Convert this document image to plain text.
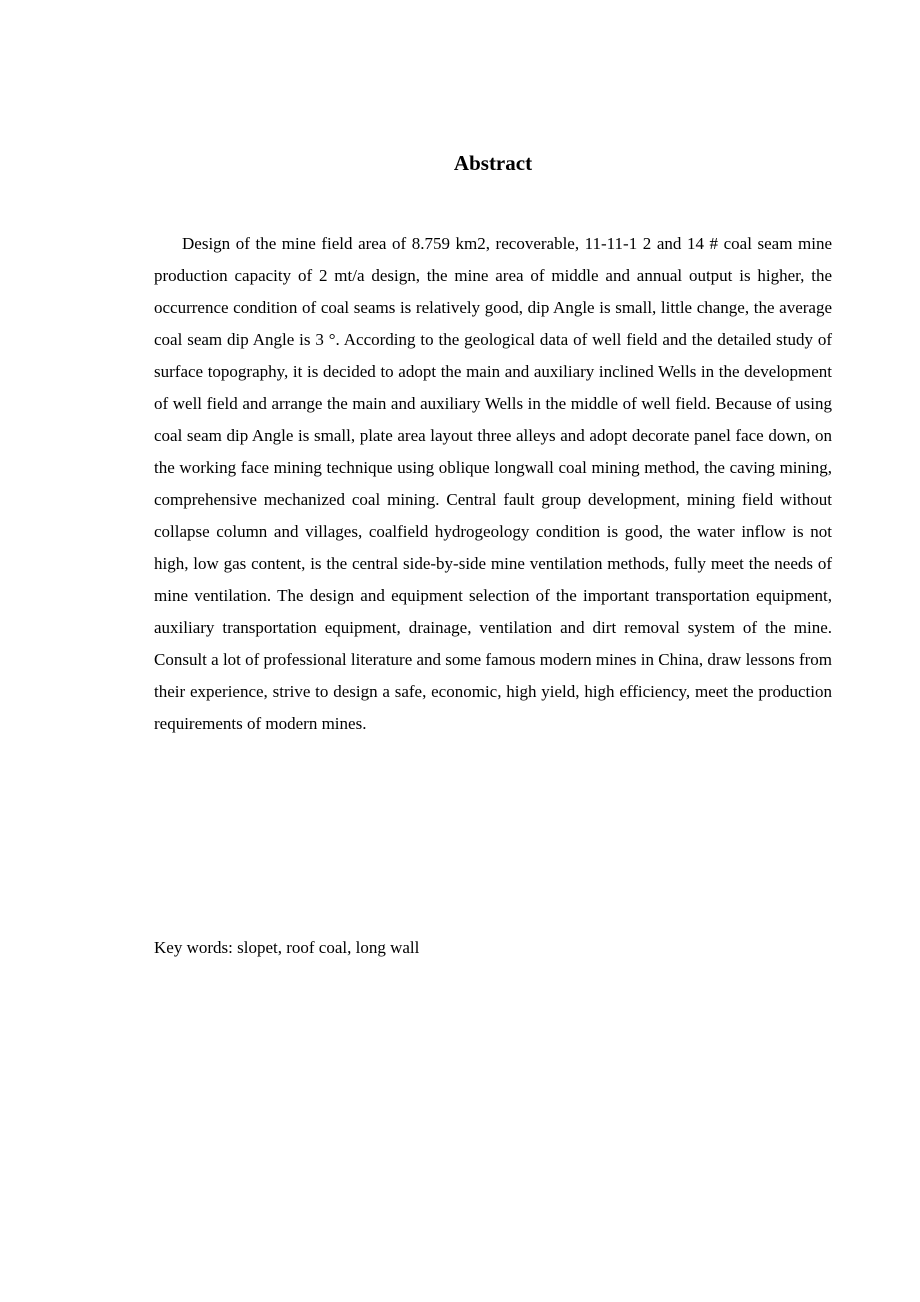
Abstract

Design of the mine field area of 8.759 km2, recoverable, 11-11-1 2 and 14 # coal seam mine production capacity of 2 mt/a design, the mine area of middle and annual output is higher, the occurrence condition of coal seams is relatively good, dip Angle is small, little change, the average coal seam dip Angle is 3 °. According to the geological data of well field and the detailed study of surface topography, it is decided to adopt the main and auxiliary inclined Wells in the development of well field and arrange the main and auxiliary Wells in the middle of well field. Because of using coal seam dip Angle is small, plate area layout three alleys and adopt decorate panel face down, on the working face mining technique using oblique longwall coal mining method, the caving mining, comprehensive mechanized coal mining. Central fault group development, mining field without collapse column and villages, coalfield hydrogeology condition is good, the water inflow is not high, low gas content, is the central side-by-side mine ventilation methods, fully meet the needs of mine ventilation. The design and equipment selection of the important transportation equipment, auxiliary transportation equipment, drainage, ventilation and dirt removal system of the mine. Consult a lot of professional literature and some famous modern mines in China, draw lessons from their experience, strive to design a safe, economic, high yield, high efficiency, meet the production requirements of modern mines.

Key words: slopet, roof coal, long wall
